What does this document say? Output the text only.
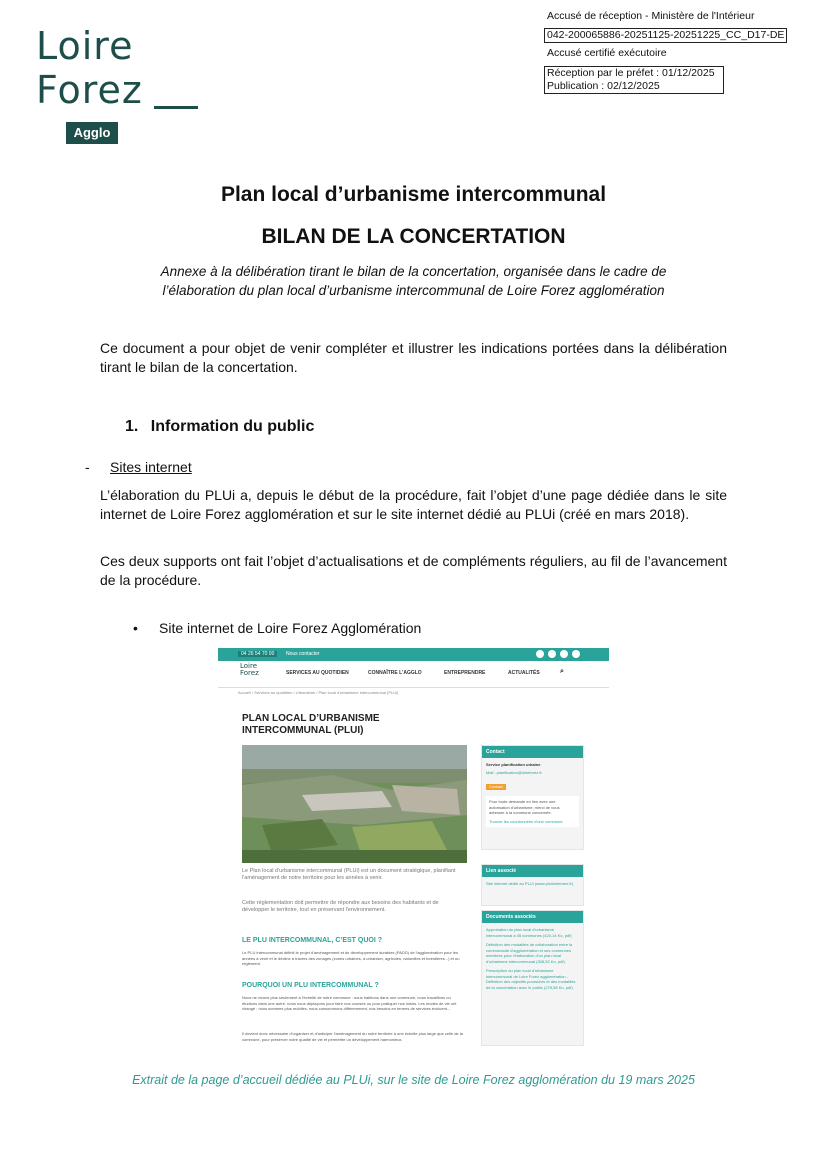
Accusé de réception - Ministère de l'Intérieur
042-200065886-20251125-20251225_CC_D17-DE
Accusé certifié exécutoire
Réception par le préfet : 01/12/2025
Publication : 02/12/2025
Loire
Forez
Agglo
Plan local d’urbanisme intercommunal
BILAN DE LA CONCERTATION
Annexe à la délibération tirant le bilan de la concertation, organisée dans le cadre de
l’élaboration du plan local d’urbanisme intercommunal de Loire Forez agglomération
Ce document a pour objet de venir compléter et illustrer les indications portées dans la délibération tirant le bilan de la concertation.
1. Information du public
- Sites internet
L’élaboration du PLUi a, depuis le début de la procédure, fait l’objet d’une page dédiée dans le site internet de Loire Forez agglomération et sur le site internet dédié au PLUi (créé en mars 2018).
Ces deux supports ont fait l’objet d’actualisations et de compléments réguliers, au fil de l’avancement de la procédure.
• Site internet de Loire Forez Agglomération
04 26 54 70 00	Nous contacter
Loire
Forez	SERVICES AU QUOTIDIEN	CONNAÎTRE L'AGGLO	ENTREPRENDRE	ACTUALITÉS	⌕
Accueil / Services au quotidien / Urbanisme / Plan local d'urbanisme intercommunal (PLUi)
PLAN LOCAL D’URBANISME
INTERCOMMUNAL (PLUI)
Le Plan local d'urbanisme intercommunal (PLUi) est un document stratégique, planifiant l'aménagement de notre territoire pour les années à venir.
Cette réglementation doit permettre de répondre aux besoins des habitants et de développer le territoire, tout en préservant l'environnement.
LE PLU INTERCOMMUNAL, C’EST QUOI ?
Le PLU intercommunal définit le projet d'aménagement et de développement durables (PADD) de l'agglomération pour les années à venir et le décline à travers des zonages (zones urbaines, à urbaniser, agricoles, naturelles et forestières...) et un règlement.
POURQUOI UN PLU INTERCOMMUNAL ?
Nous ne vivons plus seulement à l'échelle de notre commune : nous habitons dans une commune, nous travaillons ou étudions dans une autre, nous nous déplaçons pour faire nos courses ou pour pratiquer nos loisirs. Les modes de vie ont changé : nous sommes plus mobiles, nous consommons différemment, nos besoins en termes de services évoluent...
Il devient donc nécessaire d'organiser et d'anticiper l'aménagement du notre territoire à une échelle plus large que celle de la commune, pour préserver notre qualité de vie et permettre un développement harmonieux.
Contact
Service planification urbaine
Mail : planification@loireforez.fr
Contact
Pour toute demande en lien avec une autorisation d'urbanisme, merci de vous adresser à la commune concernée.
Trouver les coordonnées d'une commune
Lien associé
Site internet dédié au PLUi (www.pluiloireforez.fr)
Documents associés
Approbation du plan local d'urbanisme intercommunal à 45 communes (420,14 Ko, pdf)
Définition des modalités de collaboration entre la communauté d'agglomération et ses communes membres pour l'élaboration d'un plan local d'urbanisme intercommunal (308,52 Ko, pdf)
Prescription du plan local d'urbanisme intercommunal de Loire Forez agglomération - Définition des objectifs poursuivis et des modalités de la concertation avec le public (275,58 Ko, pdf)
Extrait de la page d’accueil dédiée au PLUi, sur le site de Loire Forez agglomération du 19 mars 2025
